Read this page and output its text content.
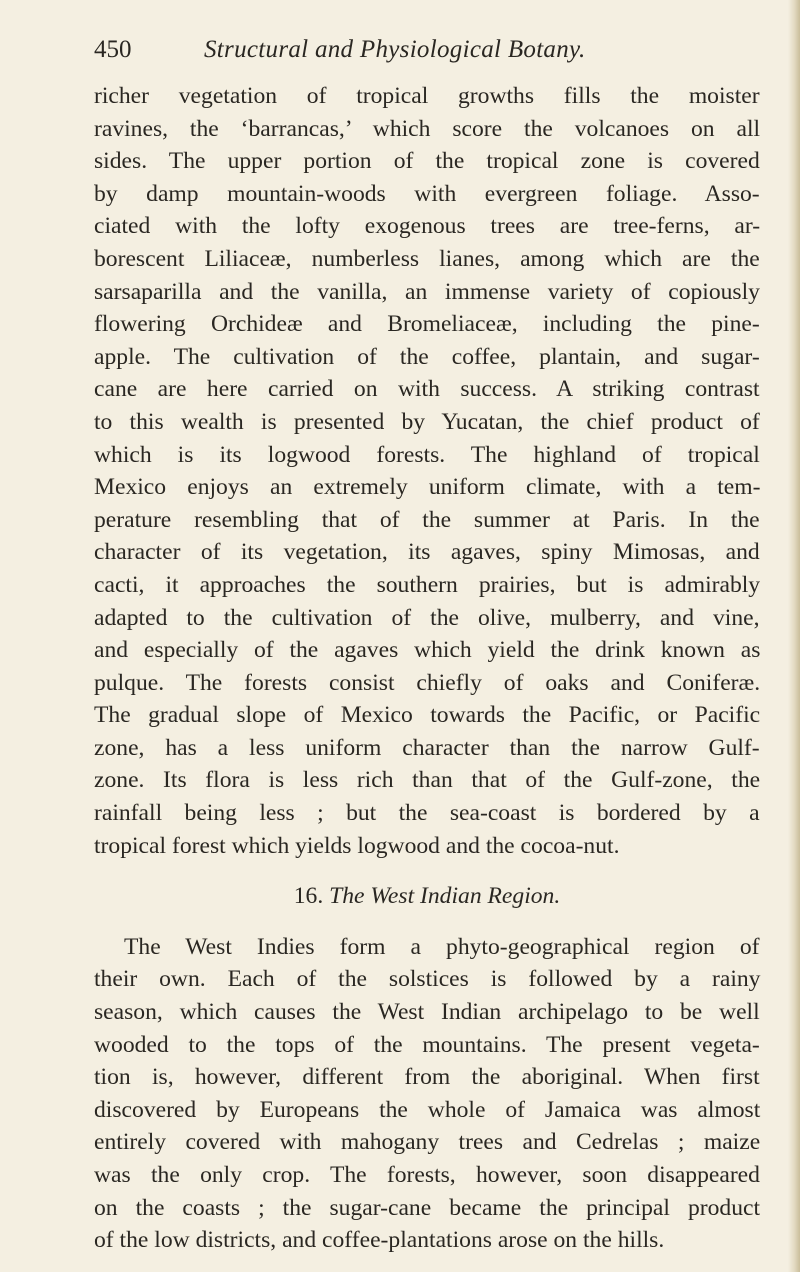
450	Structural and Physiological Botany.

richer vegetation of tropical growths fills the moister
ravines, the ‘barrancas,’ which score the volcanoes on all
sides. The upper portion of the tropical zone is covered
by damp mountain-woods with evergreen foliage. Asso-
ciated with the lofty exogenous trees are tree-ferns, ar-
borescent Liliaceæ, numberless lianes, among which are the
sarsaparilla and the vanilla, an immense variety of copiously
flowering Orchideæ and Bromeliaceæ, including the pine-
apple. The cultivation of the coffee, plantain, and sugar-
cane are here carried on with success. A striking contrast
to this wealth is presented by Yucatan, the chief product of
which is its logwood forests. The highland of tropical
Mexico enjoys an extremely uniform climate, with a tem-
perature resembling that of the summer at Paris. In the
character of its vegetation, its agaves, spiny Mimosas, and
cacti, it approaches the southern prairies, but is admirably
adapted to the cultivation of the olive, mulberry, and vine,
and especially of the agaves which yield the drink known as
pulque. The forests consist chiefly of oaks and Coniferæ.
The gradual slope of Mexico towards the Pacific, or Pacific
zone, has a less uniform character than the narrow Gulf-
zone. Its flora is less rich than that of the Gulf-zone, the
rainfall being less ; but the sea-coast is bordered by a
tropical forest which yields logwood and the cocoa-nut.

16. The West Indian Region.

The West Indies form a phyto-geographical region of
their own. Each of the solstices is followed by a rainy
season, which causes the West Indian archipelago to be well
wooded to the tops of the mountains. The present vegeta-
tion is, however, different from the aboriginal. When first
discovered by Europeans the whole of Jamaica was almost
entirely covered with mahogany trees and Cedrelas ; maize
was the only crop. The forests, however, soon disappeared
on the coasts ; the sugar-cane became the principal product
of the low districts, and coffee-plantations arose on the hills.
